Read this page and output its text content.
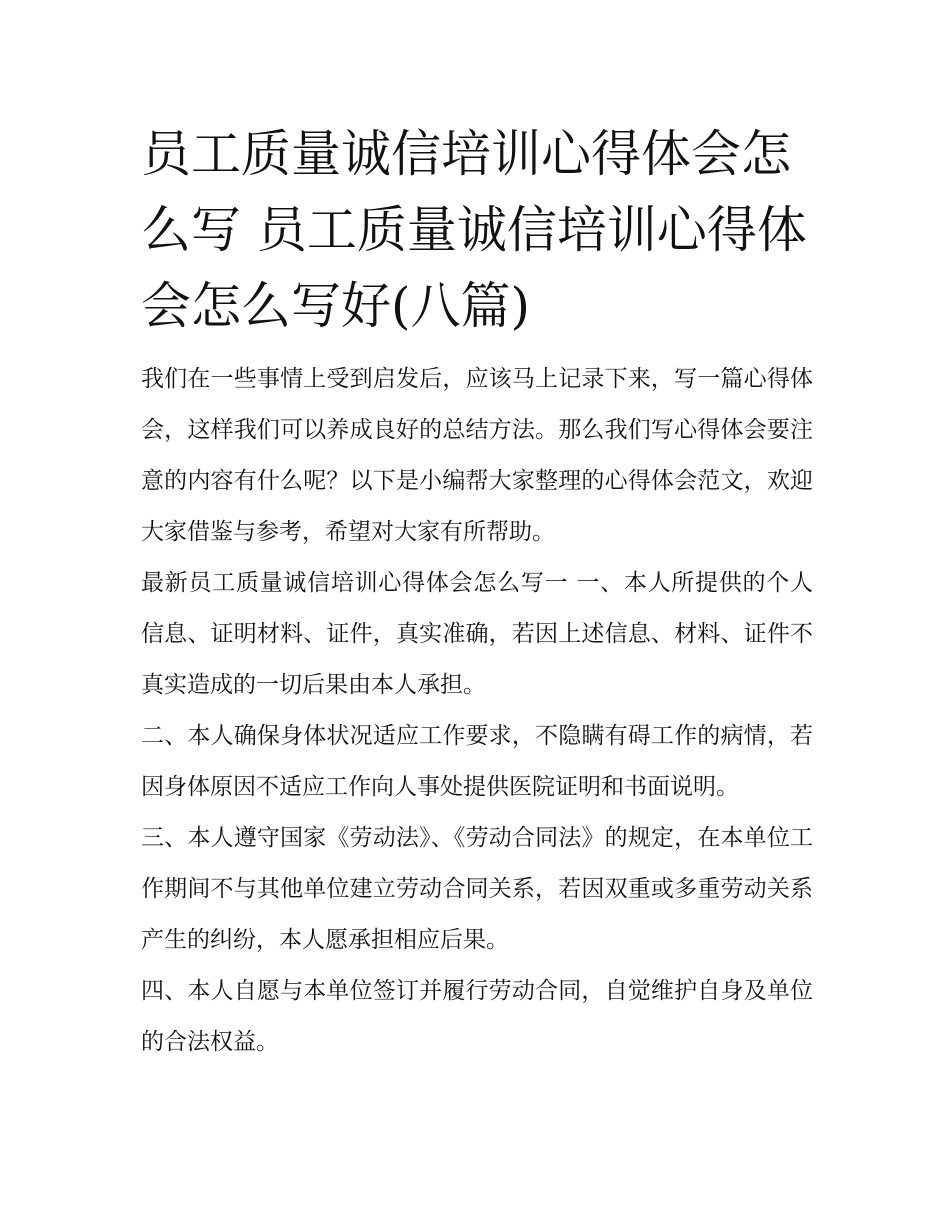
员工质量诚信培训心得体会怎么写 员工质量诚信培训心得体会怎么写好(八篇)

我们在一些事情上受到启发后，应该马上记录下来，写一篇心得体会，这样我们可以养成良好的总结方法。那么我们写心得体会要注意的内容有什么呢？以下是小编帮大家整理的心得体会范文，欢迎大家借鉴与参考，希望对大家有所帮助。

最新员工质量诚信培训心得体会怎么写一 一、本人所提供的个人信息、证明材料、证件，真实准确，若因上述信息、材料、证件不真实造成的一切后果由本人承担。

二、本人确保身体状况适应工作要求，不隐瞒有碍工作的病情，若因身体原因不适应工作向人事处提供医院证明和书面说明。

三、本人遵守国家《劳动法》、《劳动合同法》的规定，在本单位工作期间不与其他单位建立劳动合同关系，若因双重或多重劳动关系产生的纠纷，本人愿承担相应后果。

四、本人自愿与本单位签订并履行劳动合同，自觉维护自身及单位的合法权益。
